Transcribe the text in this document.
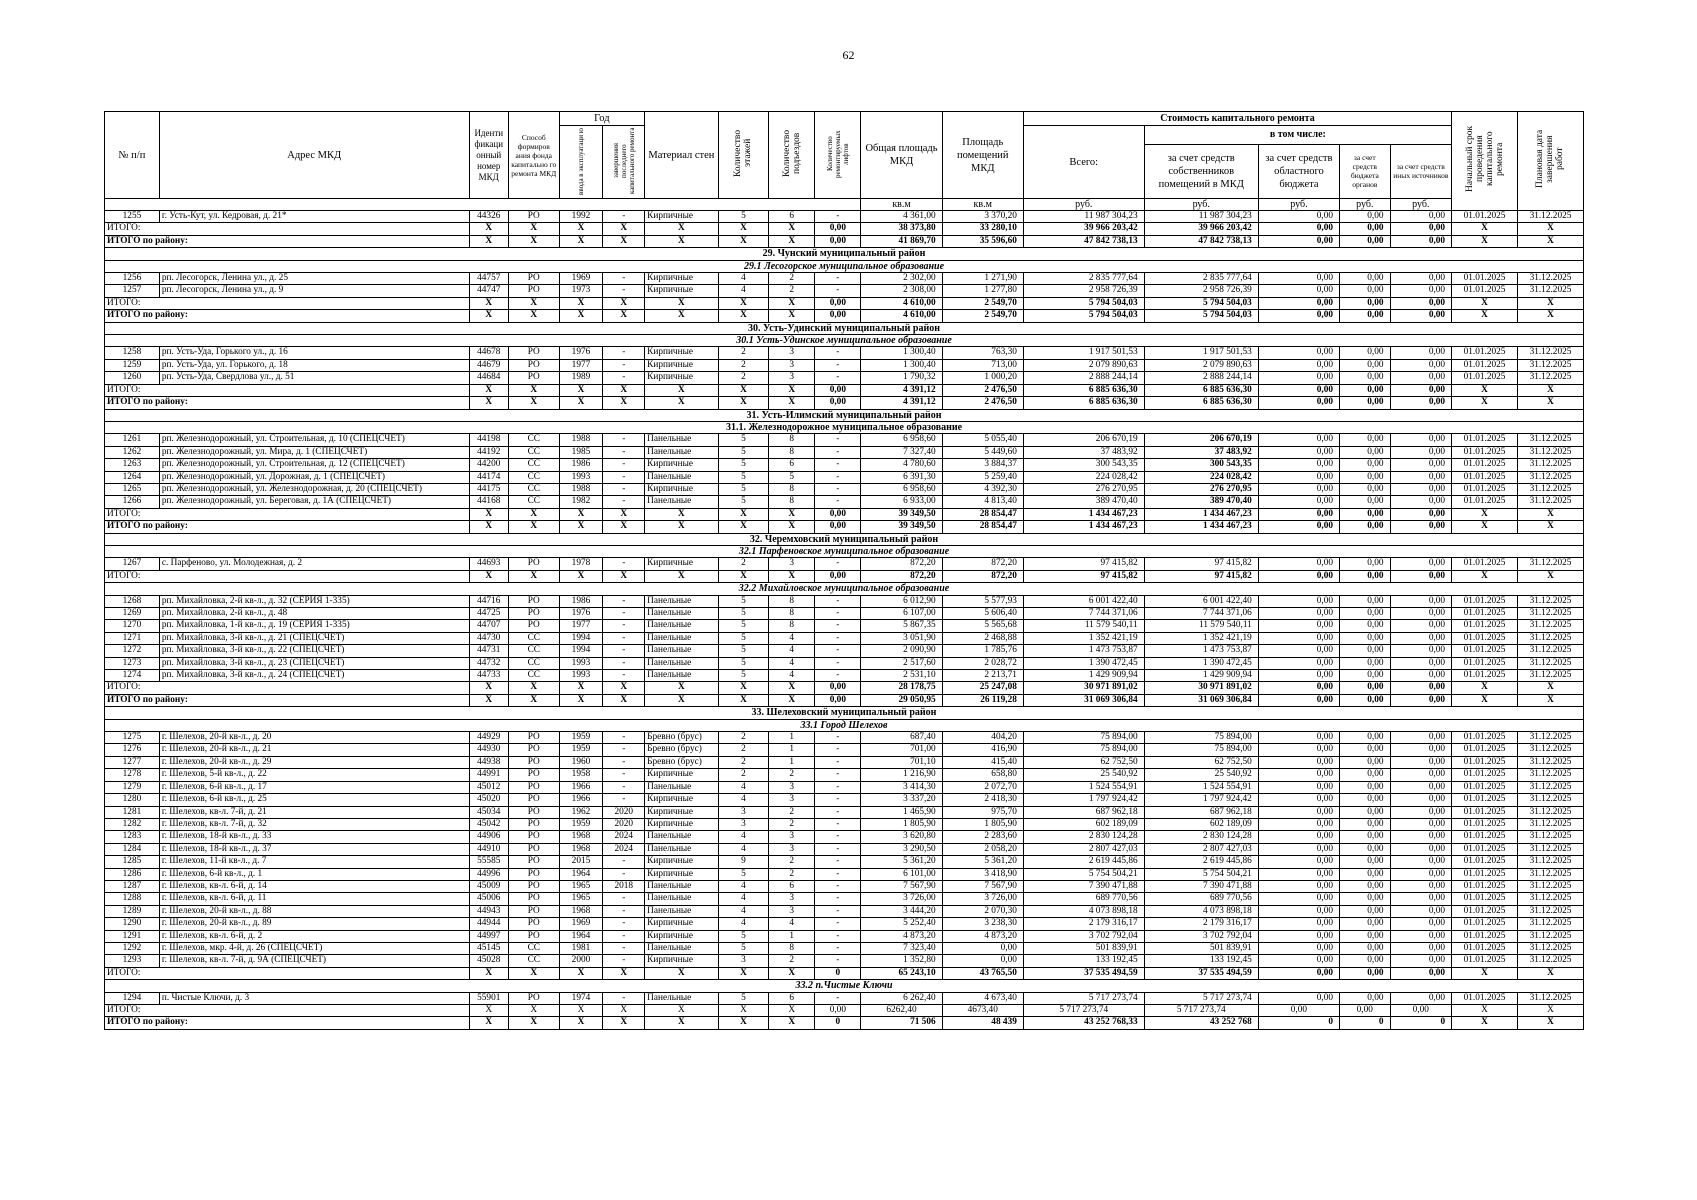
62
№ п/п	Адрес МКД	Иденти фикаци онный номер МКД	Способ формиров ания фонда капитально го ремонта МКД	Год		Материал стен	Количество этажей	Количество подъездов	Количество ремонтируемых лифтов	Общая площадь МКД	Площадь помещений МКД	Стоимость капитального ремонта					Начальный срок проведения капитального ремонта	Плановая дата завершения работ
				ввода в эксплуатаци ю	завершения последнего капитального ремонта							Всего:	в том числе:					
													за счет средств собственников помещений в МКД	за счет средств областного бюджета	за счет средств бюджета органов	за счет средств иных источников		
										кв.м	кв.м	руб.	руб.	руб.	руб.	руб.		
1255	г. Усть-Кут, ул. Кедровая, д. 21*	44326	РО	1992	-	Кирпичные	5	6	-	4 361,00	3 370,20	11 987 304,23	11 987 304,23	0,00	0,00	0,00	01.01.2025	31.12.2025
ИТОГО:		X	X	X	X	X	X	X	0,00	38 373,80	33 280,10	39 966 203,42	39 966 203,42	0,00	0,00	0,00	X	X
ИТОГО по району:		X	X	X	X	X	X	X	0,00	41 869,70	35 596,60	47 842 738,13	47 842 738,13	0,00	0,00	0,00	X	X
29. Чунский муниципальный район																		
29.1 Лесогорское муниципальное образование																		
1256	рп. Лесогорск, Ленина ул., д. 25	44757	РО	1969	-	Кирпичные	4	2	-	2 302,00	1 271,90	2 835 777,64	2 835 777,64	0,00	0,00	0,00	01.01.2025	31.12.2025
1257	рп. Лесогорск, Ленина ул., д. 9	44747	РО	1973	-	Кирпичные	4	2	-	2 308,00	1 277,80	2 958 726,39	2 958 726,39	0,00	0,00	0,00	01.01.2025	31.12.2025
ИТОГО:		X	X	X	X	X	X	X	0,00	4 610,00	2 549,70	5 794 504,03	5 794 504,03	0,00	0,00	0,00	X	X
ИТОГО по району:		X	X	X	X	X	X	X	0,00	4 610,00	2 549,70	5 794 504,03	5 794 504,03	0,00	0,00	0,00	X	X
30. Усть-Удинский муниципальный район																		
30.1 Усть-Удинское муниципальное образование																		
1258	рп. Усть-Уда, Горького ул., д. 16	44678	РО	1976	-	Кирпичные	2	3	-	1 300,40	763,30	1 917 501,53	1 917 501,53	0,00	0,00	0,00	01.01.2025	31.12.2025
1259	рп. Усть-Уда, ул. Горького, д. 18	44679	РО	1977	-	Кирпичные	2	3	-	1 300,40	713,00	2 079 890,63	2 079 890,63	0,00	0,00	0,00	01.01.2025	31.12.2025
1260	рп. Усть-Уда, Свердлова ул., д. 51	44684	РО	1989	-	Кирпичные	2	3	-	1 790,32	1 000,20	2 888 244,14	2 888 244,14	0,00	0,00	0,00	01.01.2025	31.12.2025
ИТОГО:		X	X	X	X	X	X	X	0,00	4 391,12	2 476,50	6 885 636,30	6 885 636,30	0,00	0,00	0,00	X	X
ИТОГО по району:		X	X	X	X	X	X	X	0,00	4 391,12	2 476,50	6 885 636,30	6 885 636,30	0,00	0,00	0,00	X	X
31. Усть-Илимский муниципальный район																		
31.1. Железнодорожное муниципальное образование																		
1261	рп. Железнодорожный, ул. Строительная, д. 10 (СПЕЦСЧЕТ)	44198	СС	1988	-	Панельные	5	8	-	6 958,60	5 055,40	206 670,19	206 670,19	0,00	0,00	0,00	01.01.2025	31.12.2025
1262	рп. Железнодорожный, ул. Мира, д. 1 (СПЕЦСЧЕТ)	44192	СС	1985	-	Панельные	5	8	-	7 327,40	5 449,60	37 483,92	37 483,92	0,00	0,00	0,00	01.01.2025	31.12.2025
1263	рп. Железнодорожный, ул. Строительная, д. 12 (СПЕЦСЧЕТ)	44200	СС	1986	-	Кирпичные	5	6	-	4 780,60	3 884,37	300 543,35	300 543,35	0,00	0,00	0,00	01.01.2025	31.12.2025
1264	рп. Железнодорожный, ул. Дорожная, д. 1 (СПЕЦСЧЕТ)	44174	СС	1993	-	Панельные	5	5	-	6 391,30	5 259,40	224 028,42	224 028,42	0,00	0,00	0,00	01.01.2025	31.12.2025
1265	рп. Железнодорожный, ул. Железнодорожная, д. 20 (СПЕЦСЧЕТ)	44175	СС	1988	-	Кирпичные	5	8	-	6 958,60	4 392,30	276 270,95	276 270,95	0,00	0,00	0,00	01.01.2025	31.12.2025
1266	рп. Железнодорожный, ул. Береговая, д. 1А (СПЕЦСЧЕТ)	44168	СС	1982	-	Панельные	5	8	-	6 933,00	4 813,40	389 470,40	389 470,40	0,00	0,00	0,00	01.01.2025	31.12.2025
ИТОГО:		X	X	X	X	X	X	X	0,00	39 349,50	28 854,47	1 434 467,23	1 434 467,23	0,00	0,00	0,00	X	X
ИТОГО по району:		X	X	X	X	X	X	X	0,00	39 349,50	28 854,47	1 434 467,23	1 434 467,23	0,00	0,00	0,00	X	X
32. Черемховский муниципальный район																		
32.1 Парфеновское муниципальное образование																		
1267	с. Парфеново, ул. Молодежная, д. 2	44693	РО	1978	-	Кирпичные	2	3	-	872,20	872,20	97 415,82	97 415,82	0,00	0,00	0,00	01.01.2025	31.12.2025
ИТОГО:		X	X	X	X	X	X	X	0,00	872,20	872,20	97 415,82	97 415,82	0,00	0,00	0,00	X	X
32.2 Михайловское муниципальное образование																		
1268	рп. Михайловка, 2-й кв-л., д. 32 (СЕРИЯ 1-335)	44716	РО	1986	-	Панельные	5	8	-	6 012,90	5 577,93	6 001 422,40	6 001 422,40	0,00	0,00	0,00	01.01.2025	31.12.2025
1269	рп. Михайловка, 2-й кв-л., д. 48	44725	РО	1976	-	Панельные	5	8	-	6 107,00	5 606,40	7 744 371,06	7 744 371,06	0,00	0,00	0,00	01.01.2025	31.12.2025
1270	рп. Михайловка, 1-й кв-л., д. 19 (СЕРИЯ 1-335)	44707	РО	1977	-	Панельные	5	8	-	5 867,35	5 565,68	11 579 540,11	11 579 540,11	0,00	0,00	0,00	01.01.2025	31.12.2025
1271	рп. Михайловка, 3-й кв-л., д. 21 (СПЕЦСЧЕТ)	44730	СС	1994	-	Панельные	5	4	-	3 051,90	2 468,88	1 352 421,19	1 352 421,19	0,00	0,00	0,00	01.01.2025	31.12.2025
1272	рп. Михайловка, 3-й кв-л., д. 22 (СПЕЦСЧЕТ)	44731	СС	1994	-	Панельные	5	4	-	2 090,90	1 785,76	1 473 753,87	1 473 753,87	0,00	0,00	0,00	01.01.2025	31.12.2025
1273	рп. Михайловка, 3-й кв-л., д. 23 (СПЕЦСЧЕТ)	44732	СС	1993	-	Панельные	5	4	-	2 517,60	2 028,72	1 390 472,45	1 390 472,45	0,00	0,00	0,00	01.01.2025	31.12.2025
1274	рп. Михайловка, 3-й кв-л., д. 24 (СПЕЦСЧЕТ)	44733	СС	1993	-	Панельные	5	4	-	2 531,10	2 213,71	1 429 909,94	1 429 909,94	0,00	0,00	0,00	01.01.2025	31.12.2025
ИТОГО:		X	X	X	X	X	X	X	0,00	28 178,75	25 247,08	30 971 891,02	30 971 891,02	0,00	0,00	0,00	X	X
ИТОГО по району:		X	X	X	X	X	X	X	0,00	29 050,95	26 119,28	31 069 306,84	31 069 306,84	0,00	0,00	0,00	X	X
33. Шелеховский муниципальный район																		
33.1 Город Шелехов																		
1275	г. Шелехов, 20-й кв-л., д. 20	44929	РО	1959	-	Бревно (брус)	2	1	-	687,40	404,20	75 894,00	75 894,00	0,00	0,00	0,00	01.01.2025	31.12.2025
1276	г. Шелехов, 20-й кв-л., д. 21	44930	РО	1959	-	Бревно (брус)	2	1	-	701,00	416,90	75 894,00	75 894,00	0,00	0,00	0,00	01.01.2025	31.12.2025
1277	г. Шелехов, 20-й кв-л., д. 29	44938	РО	1960	-	Бревно (брус)	2	1	-	701,10	415,40	62 752,50	62 752,50	0,00	0,00	0,00	01.01.2025	31.12.2025
1278	г. Шелехов, 5-й кв-л., д. 22	44991	РО	1958	-	Кирпичные	2	2	-	1 216,90	658,80	25 540,92	25 540,92	0,00	0,00	0,00	01.01.2025	31.12.2025
1279	г. Шелехов, 6-й кв-л., д. 17	45012	РО	1966	-	Панельные	4	3	-	3 414,30	2 072,70	1 524 554,91	1 524 554,91	0,00	0,00	0,00	01.01.2025	31.12.2025
1280	г. Шелехов, 6-й кв-л., д. 25	45020	РО	1966	-	Кирпичные	4	3	-	3 337,20	2 418,30	1 797 924,42	1 797 924,42	0,00	0,00	0,00	01.01.2025	31.12.2025
1281	г. Шелехов, кв-л. 7-й, д. 21	45034	РО	1962	2020	Кирпичные	3	2	-	1 465,90	975,70	687 962,18	687 962,18	0,00	0,00	0,00	01.01.2025	31.12.2025
1282	г. Шелехов, кв-л. 7-й, д. 32	45042	РО	1959	2020	Кирпичные	3	2	-	1 805,90	1 805,90	602 189,09	602 189,09	0,00	0,00	0,00	01.01.2025	31.12.2025
1283	г. Шелехов, 18-й кв-л., д. 33	44906	РО	1968	2024	Панельные	4	3	-	3 620,80	2 283,60	2 830 124,28	2 830 124,28	0,00	0,00	0,00	01.01.2025	31.12.2025
1284	г. Шелехов, 18-й кв-л., д. 37	44910	РО	1968	2024	Панельные	4	3	-	3 290,50	2 058,20	2 807 427,03	2 807 427,03	0,00	0,00	0,00	01.01.2025	31.12.2025
1285	г. Шелехов, 11-й кв-л., д. 7	55585	РО	2015	-	Кирпичные	9	2	-	5 361,20	5 361,20	2 619 445,86	2 619 445,86	0,00	0,00	0,00	01.01.2025	31.12.2025
1286	г. Шелехов, 6-й кв-л., д. 1	44996	РО	1964	-	Кирпичные	5	2	-	6 101,00	3 418,90	5 754 504,21	5 754 504,21	0,00	0,00	0,00	01.01.2025	31.12.2025
1287	г. Шелехов, кв-л. 6-й, д. 14	45009	РО	1965	2018	Панельные	4	6	-	7 567,90	7 567,90	7 390 471,88	7 390 471,88	0,00	0,00	0,00	01.01.2025	31.12.2025
1288	г. Шелехов, кв-л. 6-й, д. 11	45006	РО	1965	-	Панельные	4	3	-	3 726,00	3 726,00	689 770,56	689 770,56	0,00	0,00	0,00	01.01.2025	31.12.2025
1289	г. Шелехов, 20-й кв-л., д. 88	44943	РО	1968	-	Панельные	4	3	-	3 444,20	2 070,30	4 073 898,18	4 073 898,18	0,00	0,00	0,00	01.01.2025	31.12.2025
1290	г. Шелехов, 20-й кв-л., д. 89	44944	РО	1969	-	Кирпичные	4	4	-	5 252,40	3 238,30	2 179 316,17	2 179 316,17	0,00	0,00	0,00	01.01.2025	31.12.2025
1291	г. Шелехов, кв-л. 6-й, д. 2	44997	РО	1964	-	Кирпичные	5	1	-	4 873,20	4 873,20	3 702 792,04	3 702 792,04	0,00	0,00	0,00	01.01.2025	31.12.2025
1292	г. Шелехов, мкр. 4-й, д. 26 (СПЕЦСЧЕТ)	45145	СС	1981	-	Панельные	5	8	-	7 323,40	0,00	501 839,91	501 839,91	0,00	0,00	0,00	01.01.2025	31.12.2025
1293	г. Шелехов, кв-л. 7-й, д. 9А (СПЕЦСЧЕТ)	45028	СС	2000	-	Кирпичные	3	2	-	1 352,80	0,00	133 192,45	133 192,45	0,00	0,00	0,00	01.01.2025	31.12.2025
ИТОГО:		X	X	X	X	X	X	X	0	65 243,10	43 765,50	37 535 494,59	37 535 494,59	0,00	0,00	0,00	X	X
33.2 п.Чистые Ключи																		
1294	п. Чистые Ключи, д. 3	55901	РО	1974	-	Панельные	5	6	-	6 262,40	4 673,40	5 717 273,74	5 717 273,74	0,00	0,00	0,00	01.01.2025	31.12.2025
ИТОГО:		X	X	X	X	X	X	X	0,00	6262,40	4673,40	5 717 273,74	5 717 273,74	0,00	0,00	0,00	X	X
ИТОГО по району:		X	X	X	X	X	X	X	0	71 506	48 439	43 252 768,33	43 252 768	0	0	0	X	X
